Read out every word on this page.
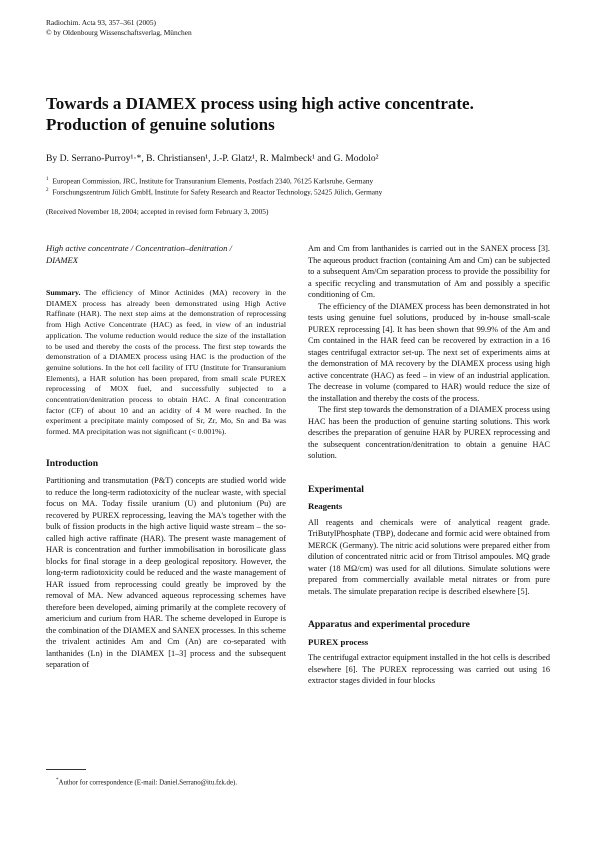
Radiochim. Acta 93, 357–361 (2005)
© by Oldenbourg Wissenschaftsverlag, München
Towards a DIAMEX process using high active concentrate.
Production of genuine solutions
By D. Serrano-Purroy¹·*, B. Christiansen¹, J.-P. Glatz¹, R. Malmbeck¹ and G. Modolo²
$^1$ European Commission, JRC, Institute for Transuranium Elements, Postfach 2340, 76125 Karlsruhe, Germany
$^2$ Forschungszentrum Jülich GmbH, Institute for Safety Research and Reactor Technology, 52425 Jülich, Germany
(Received November 18, 2004; accepted in revised form February 3, 2005)
High active concentrate / Concentration–denitration /
DIAMEX

Summary. The efficiency of Minor Actinides (MA) recovery in the DIAMEX process has already been demonstrated using High Active Raffinate (HAR). The next step aims at the demonstration of reprocessing from High Active Concentrate (HAC) as feed, in view of an industrial application. The volume reduction would reduce the size of the installation to be used and thereby the costs of the process. The first step towards the demonstration of a DIAMEX process using HAC is the production of the genuine solutions. In the hot cell facility of ITU (Institute for Transuranium Elements), a HAR solution has been prepared, from small scale PUREX reprocessing of MOX fuel, and successfully subjected to a concentration/denitration process to obtain HAC. A final concentration factor (CF) of about 10 and an acidity of 4 M were reached. In the experiment a precipitate mainly composed of Sr, Zr, Mo, Sn and Ba was formed. MA precipitation was not significant (< 0.001%).

Introduction

Partitioning and transmutation (P&T) concepts are studied world wide to reduce the long-term radiotoxicity of the nuclear waste, with special focus on MA. Today fissile uranium (U) and plutonium (Pu) are recovered by PUREX reprocessing, leaving the MA's together with the bulk of fission products in the high active liquid waste stream – the so-called high active raffinate (HAR). The present waste management of HAR is concentration and further immobilisation in borosilicate glass blocks for final storage in a deep geological repository. However, the long-term radiotoxicity could be reduced and the waste management of HAR issued from reprocessing could greatly be improved by the removal of MA. New advanced aqueous reprocessing schemes have therefore been developed, aiming primarily at the complete recovery of americium and curium from HAR. The scheme developed in Europe is the combination of the DIAMEX and SANEX processes. In this scheme the trivalent actinides Am and Cm (An) are co-separated with lanthanides (Ln) in the DIAMEX [1–3] process and the subsequent separation of

Am and Cm from lanthanides is carried out in the SANEX process [3]. The aqueous product fraction (containing Am and Cm) can be subjected to a subsequent Am/Cm separation process to provide the possibility for a specific recycling and transmutation of Am and possibly a specific conditioning of Cm.

The efficiency of the DIAMEX process has been demonstrated in hot tests using genuine fuel solutions, produced by in-house small-scale PUREX reprocessing [4]. It has been shown that 99.9% of the Am and Cm contained in the HAR feed can be recovered by extraction in a 16 stages centrifugal extractor set-up. The next set of experiments aims at the demonstration of MA recovery by the DIAMEX process using high active concentrate (HAC) as feed – in view of an industrial application. The decrease in volume (compared to HAR) would reduce the size of the installation and thereby the costs of the process.

The first step towards the demonstration of a DIAMEX process using HAC has been the production of genuine starting solutions. This work describes the preparation of genuine HAR by PUREX reprocessing and the subsequent concentration/denitration to obtain a genuine HAC solution.

Experimental
Reagents

All reagents and chemicals were of analytical reagent grade. TriButylPhosphate (TBP), dodecane and formic acid were obtained from MERCK (Germany). The nitric acid solutions were prepared either from dilution of concentrated nitric acid or from Titrisol ampoules. MQ grade water (18 MΩ/cm) was used for all dilutions. Simulate solutions were prepared from commercially available metal nitrates or from pure metals. The simulate preparation recipe is described elsewhere [5].

Apparatus and experimental procedure
PUREX process

The centrifugal extractor equipment installed in the hot cells is described elsewhere [6]. The PUREX reprocessing was carried out using 16 extractor stages divided in four blocks

*Author for correspondence (E-mail: Daniel.Serrano@itu.fzk.de).
